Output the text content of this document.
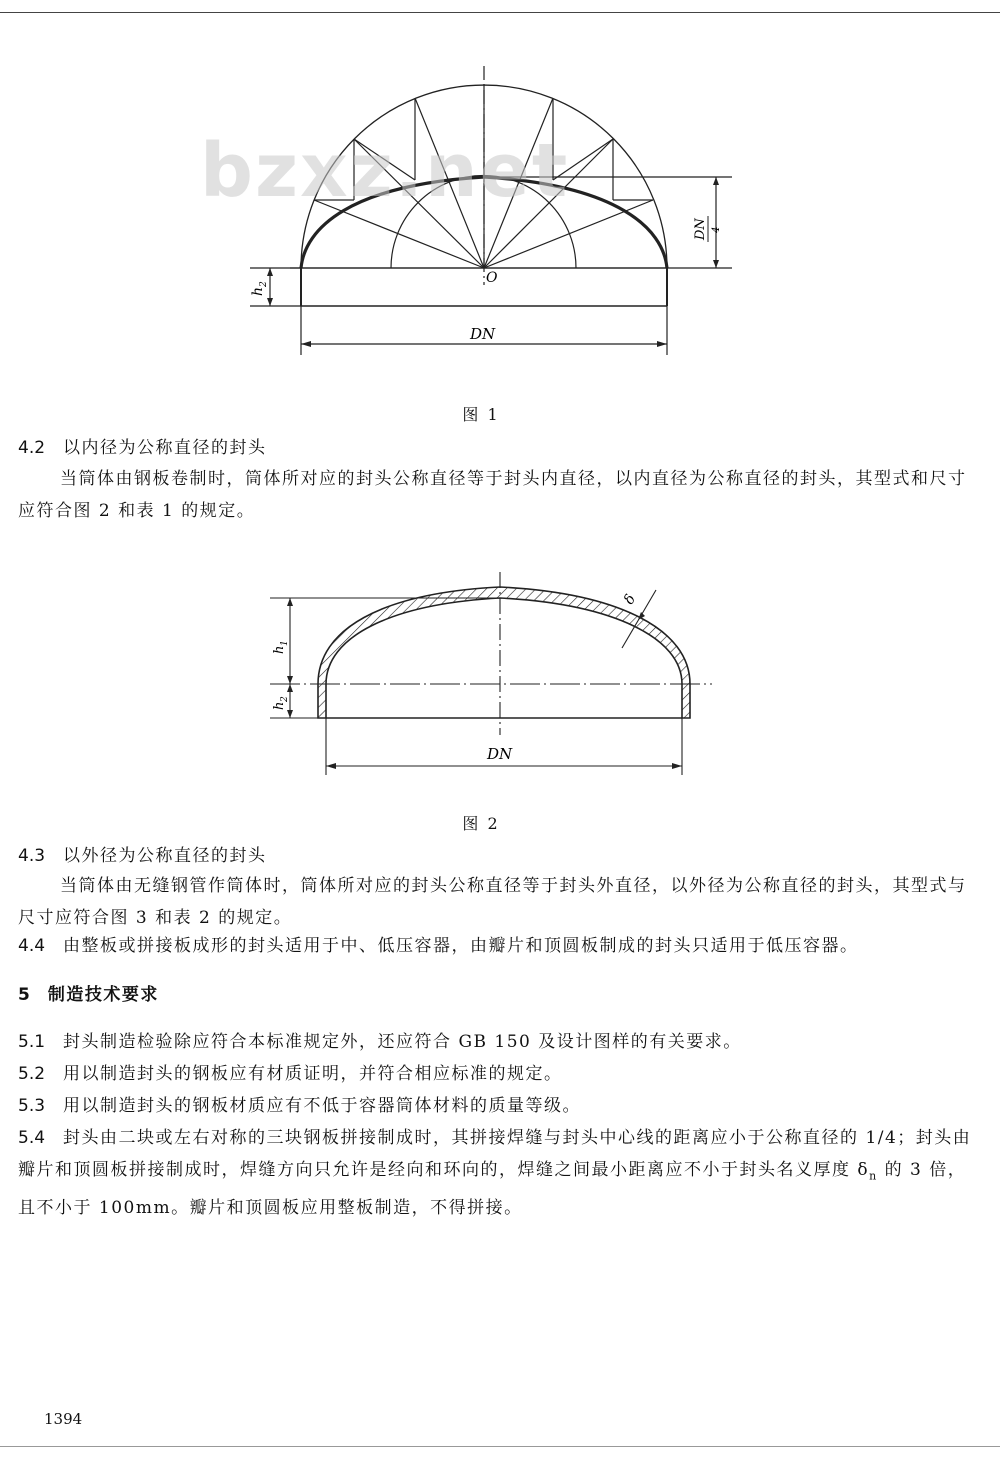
O
DN
h
2
DN 4
bzxz.net
图 1
4.2 以内径为公称直径的封头
当筒体由钢板卷制时，筒体所对应的封头公称直径等于封头内直径，以内直径为公称直径的封头，其型式和尺寸应符合图 2 和表 1 的规定。
DN
h
1
h
2
δ
图 2
4.3 以外径为公称直径的封头
当筒体由无缝钢管作筒体时，筒体所对应的封头公称直径等于封头外直径，以外径为公称直径的封头，其型式与尺寸应符合图 3 和表 2 的规定。
4.4 由整板或拼接板成形的封头适用于中、低压容器，由瓣片和顶圆板制成的封头只适用于低压容器。
5 制造技术要求
5.1 封头制造检验除应符合本标准规定外，还应符合 GB 150 及设计图样的有关要求。
5.2 用以制造封头的钢板应有材质证明，并符合相应标准的规定。
5.3 用以制造封头的钢板材质应有不低于容器筒体材料的质量等级。
5.4 封头由二块或左右对称的三块钢板拼接制成时，其拼接焊缝与封头中心线的距离应小于公称直径的 1/4；封头由瓣片和顶圆板拼接制成时，焊缝方向只允许是经向和环向的，焊缝之间最小距离应不小于封头名义厚度 $\delta_n$ 的 3 倍，且不小于 100mm。瓣片和顶圆板应用整板制造，不得拼接。
1394
